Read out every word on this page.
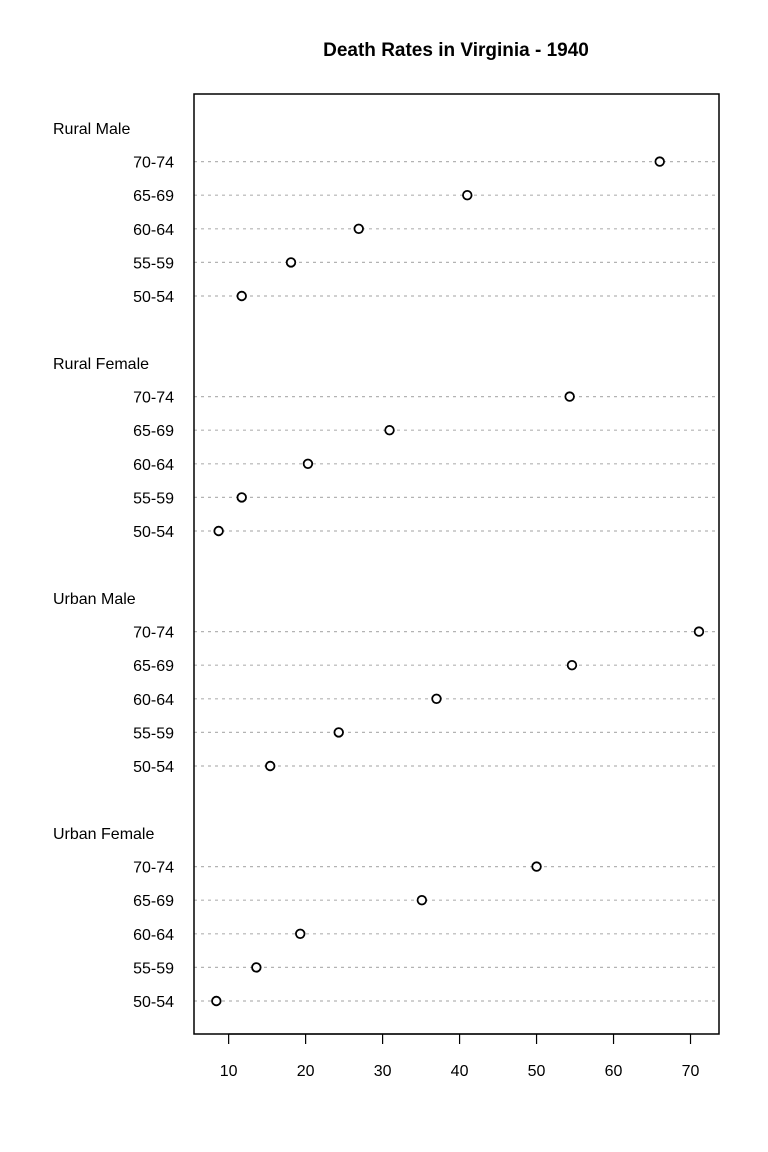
Death Rates in Virginia - 1940
Rural Male
70-74
65-69
60-64
55-59
50-54
Rural Female
70-74
65-69
60-64
55-59
50-54
Urban Male
70-74
65-69
60-64
55-59
50-54
Urban Female
70-74
65-69
60-64
55-59
50-54
10	20	30	40	50	60	70
